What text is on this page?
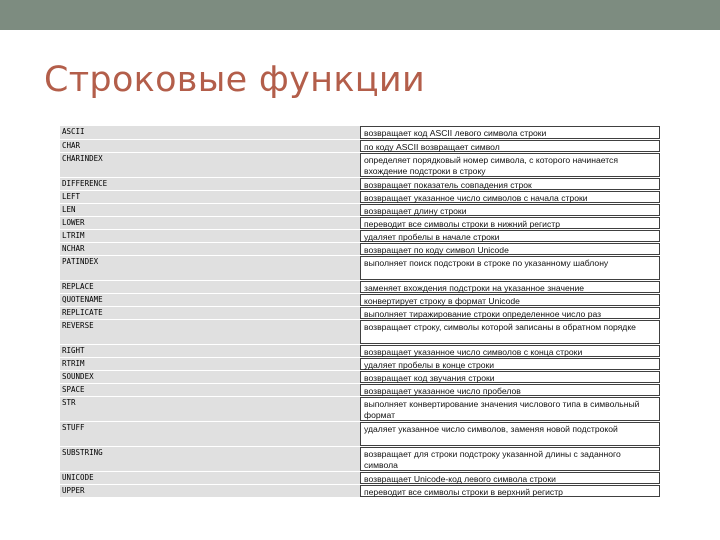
Строковые функции
ASCII	возвращает код ASCII левого символа строки
CHAR	по коду ASCII возвращает символ
CHARINDEX	определяет порядковый номер символа, с которого начинается вхождение подстроки в строку
DIFFERENCE	возвращает показатель совпадения строк
LEFT	возвращает указанное число символов с начала строки
LEN	возвращает длину строки
LOWER	переводит все символы строки в нижний регистр
LTRIM	удаляет пробелы в начале строки
NCHAR	возвращает по коду символ Unicode
PATINDEX	выполняет поиск подстроки в строке по указанному шаблону
REPLACE	заменяет вхождения подстроки на указанное значение
QUOTENAME	конвертирует строку в формат Unicode
REPLICATE	выполняет тиражирование строки определенное число раз
REVERSE	возвращает строку, символы которой записаны в обратном порядке
RIGHT	возвращает указанное число символов с конца строки
RTRIM	удаляет пробелы в конце строки
SOUNDEX	возвращает код звучания строки
SPACE	возвращает указанное число пробелов
STR	выполняет конвертирование значения числового типа в символьный формат
STUFF	удаляет указанное число символов, заменяя новой подстрокой
SUBSTRING	возвращает для строки подстроку указанной длины с заданного символа
UNICODE	возвращает Unicode-код левого символа строки
UPPER	переводит все символы строки в верхний регистр
